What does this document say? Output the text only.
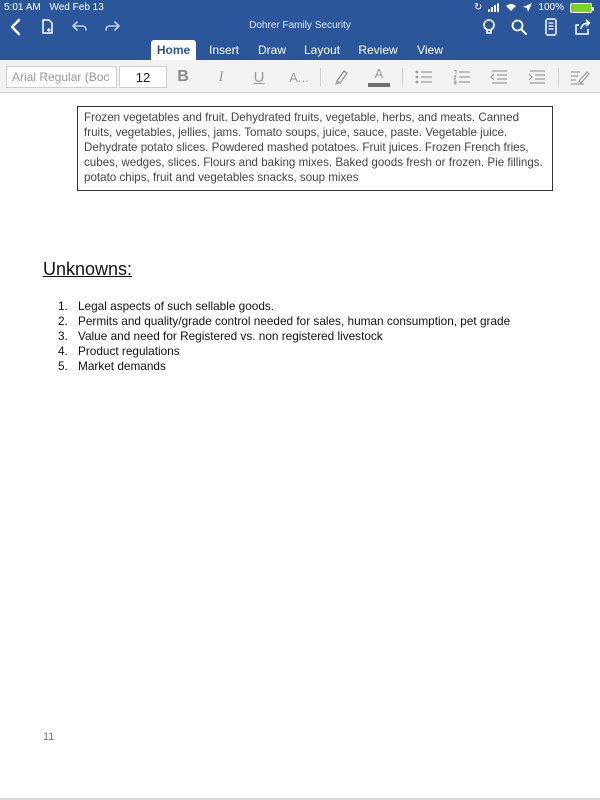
5:01 AM Wed Feb 13	↻	100%
Dohrer Family Security
Home	Insert	Draw	Layout	Review	View
Arial Regular (Boc	12	B	I	U	A...	A
Frozen vegetables and fruit. Dehydrated fruits, vegetable, herbs, and meats. Canned fruits, vegetables, jellies, jams. Tomato soups, juice, sauce, paste. Vegetable juice. Dehydrate potato slices. Powdered mashed potatoes. Fruit juices. Frozen French fries, cubes, wedges, slices. Flours and baking mixes. Baked goods fresh or frozen. Pie fillings. potato chips, fruit and vegetables snacks, soup mixes
Unknowns:
1. Legal aspects of such sellable goods.
2. Permits and quality/grade control needed for sales, human consumption, pet grade
3. Value and need for Registered vs. non registered livestock
4. Product regulations
5. Market demands
11
